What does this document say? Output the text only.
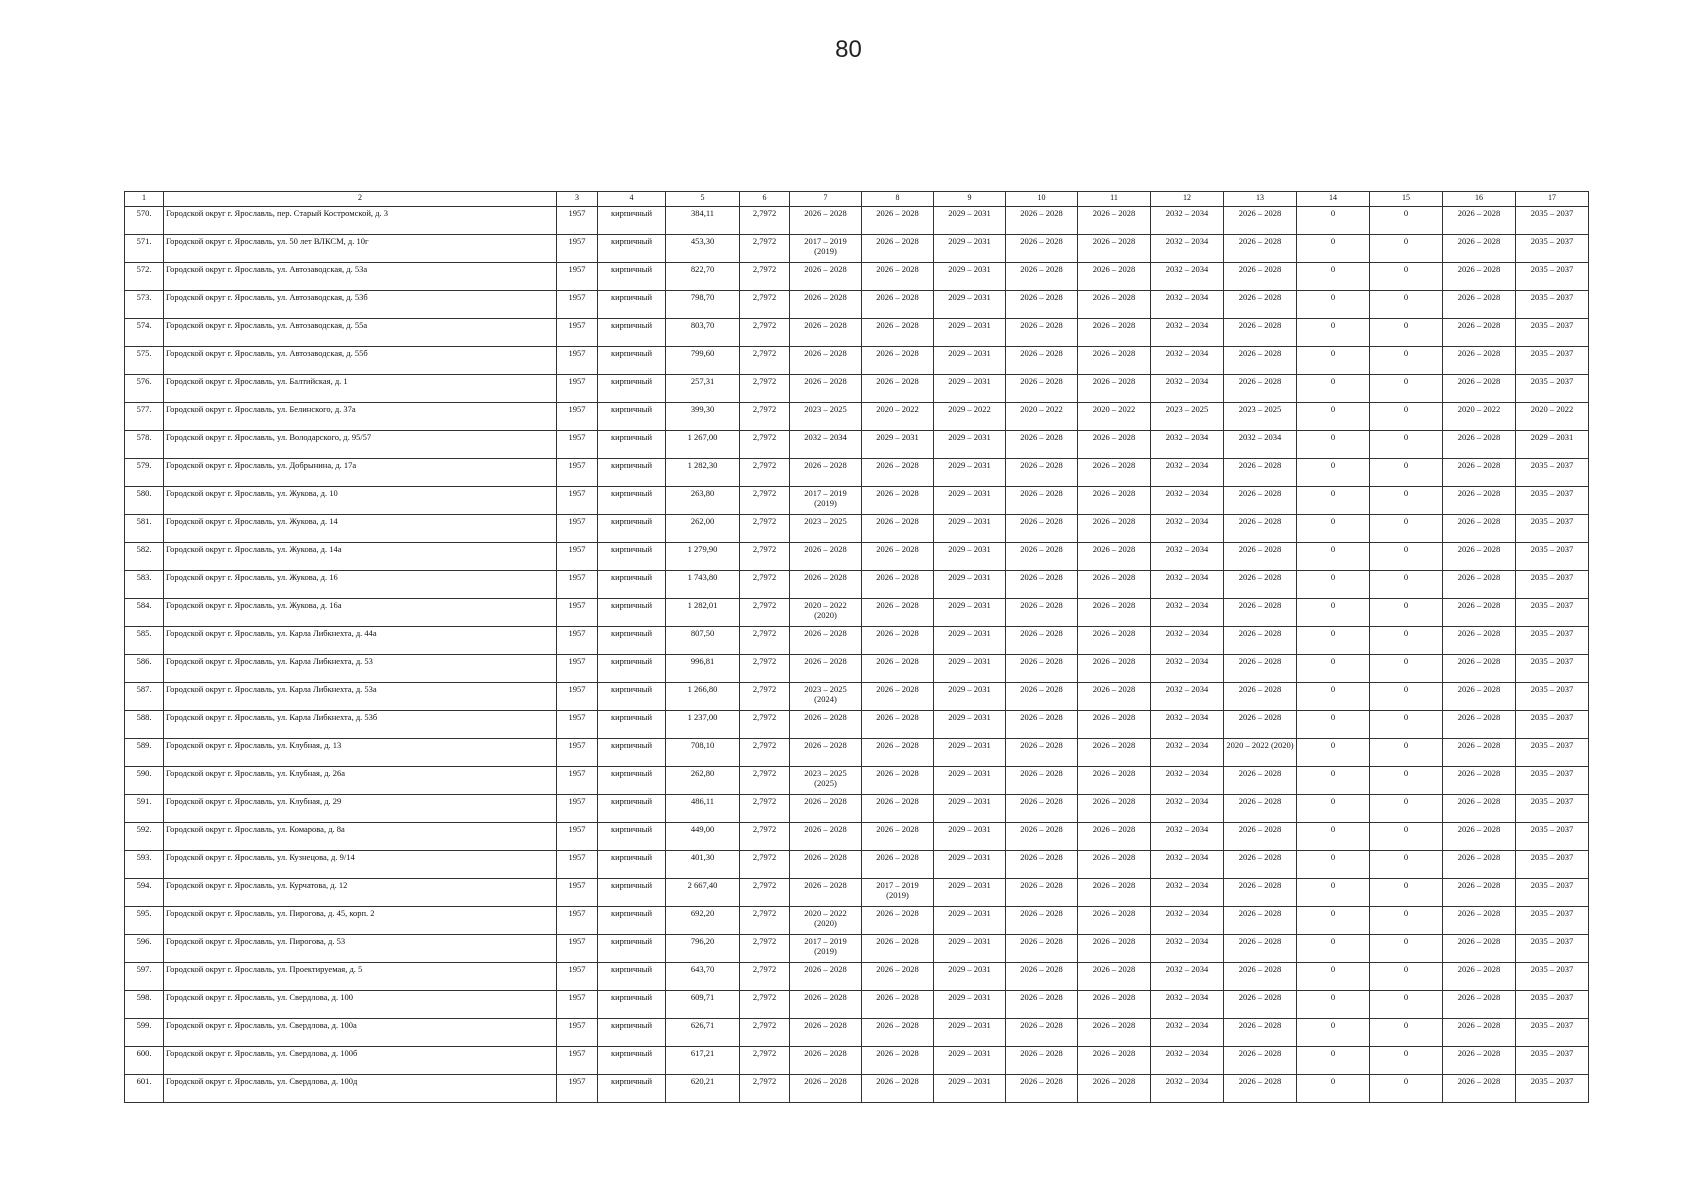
80
1	2	3	4	5	6	7	8	9	10	11	12	13	14	15	16	17
570.	Городской округ г. Ярославль, пер. Старый Костромской, д. 3	1957	кирпичный	384,11	2,7972	2026 – 2028	2026 – 2028	2029 – 2031	2026 – 2028	2026 – 2028	2032 – 2034	2026 – 2028	0	0	2026 – 2028	2035 – 2037
571.	Городской округ г. Ярославль, ул. 50 лет ВЛКСМ, д. 10г	1957	кирпичный	453,30	2,7972	2017 – 2019 (2019)	2026 – 2028	2029 – 2031	2026 – 2028	2026 – 2028	2032 – 2034	2026 – 2028	0	0	2026 – 2028	2035 – 2037
572.	Городской округ г. Ярославль, ул. Автозаводская, д. 53а	1957	кирпичный	822,70	2,7972	2026 – 2028	2026 – 2028	2029 – 2031	2026 – 2028	2026 – 2028	2032 – 2034	2026 – 2028	0	0	2026 – 2028	2035 – 2037
573.	Городской округ г. Ярославль, ул. Автозаводская, д. 53б	1957	кирпичный	798,70	2,7972	2026 – 2028	2026 – 2028	2029 – 2031	2026 – 2028	2026 – 2028	2032 – 2034	2026 – 2028	0	0	2026 – 2028	2035 – 2037
574.	Городской округ г. Ярославль, ул. Автозаводская, д. 55а	1957	кирпичный	803,70	2,7972	2026 – 2028	2026 – 2028	2029 – 2031	2026 – 2028	2026 – 2028	2032 – 2034	2026 – 2028	0	0	2026 – 2028	2035 – 2037
575.	Городской округ г. Ярославль, ул. Автозаводская, д. 55б	1957	кирпичный	799,60	2,7972	2026 – 2028	2026 – 2028	2029 – 2031	2026 – 2028	2026 – 2028	2032 – 2034	2026 – 2028	0	0	2026 – 2028	2035 – 2037
576.	Городской округ г. Ярославль, ул. Балтийская, д. 1	1957	кирпичный	257,31	2,7972	2026 – 2028	2026 – 2028	2029 – 2031	2026 – 2028	2026 – 2028	2032 – 2034	2026 – 2028	0	0	2026 – 2028	2035 – 2037
577.	Городской округ г. Ярославль, ул. Белинского, д. 37а	1957	кирпичный	399,30	2,7972	2023 – 2025	2020 – 2022	2029 – 2022	2020 – 2022	2020 – 2022	2023 – 2025	2023 – 2025	0	0	2020 – 2022	2020 – 2022
578.	Городской округ г. Ярославль, ул. Володарского, д. 95/57	1957	кирпичный	1 267,00	2,7972	2032 – 2034	2029 – 2031	2029 – 2031	2026 – 2028	2026 – 2028	2032 – 2034	2032 – 2034	0	0	2026 – 2028	2029 – 2031
579.	Городской округ г. Ярославль, ул. Добрынина, д. 17а	1957	кирпичный	1 282,30	2,7972	2026 – 2028	2026 – 2028	2029 – 2031	2026 – 2028	2026 – 2028	2032 – 2034	2026 – 2028	0	0	2026 – 2028	2035 – 2037
580.	Городской округ г. Ярославль, ул. Жукова, д. 10	1957	кирпичный	263,80	2,7972	2017 – 2019 (2019)	2026 – 2028	2029 – 2031	2026 – 2028	2026 – 2028	2032 – 2034	2026 – 2028	0	0	2026 – 2028	2035 – 2037
581.	Городской округ г. Ярославль, ул. Жукова, д. 14	1957	кирпичный	262,00	2,7972	2023 – 2025	2026 – 2028	2029 – 2031	2026 – 2028	2026 – 2028	2032 – 2034	2026 – 2028	0	0	2026 – 2028	2035 – 2037
582.	Городской округ г. Ярославль, ул. Жукова, д. 14а	1957	кирпичный	1 279,90	2,7972	2026 – 2028	2026 – 2028	2029 – 2031	2026 – 2028	2026 – 2028	2032 – 2034	2026 – 2028	0	0	2026 – 2028	2035 – 2037
583.	Городской округ г. Ярославль, ул. Жукова, д. 16	1957	кирпичный	1 743,80	2,7972	2026 – 2028	2026 – 2028	2029 – 2031	2026 – 2028	2026 – 2028	2032 – 2034	2026 – 2028	0	0	2026 – 2028	2035 – 2037
584.	Городской округ г. Ярославль, ул. Жукова, д. 16а	1957	кирпичный	1 282,01	2,7972	2020 – 2022 (2020)	2026 – 2028	2029 – 2031	2026 – 2028	2026 – 2028	2032 – 2034	2026 – 2028	0	0	2026 – 2028	2035 – 2037
585.	Городской округ г. Ярославль, ул. Карла Либкнехта, д. 44а	1957	кирпичный	807,50	2,7972	2026 – 2028	2026 – 2028	2029 – 2031	2026 – 2028	2026 – 2028	2032 – 2034	2026 – 2028	0	0	2026 – 2028	2035 – 2037
586.	Городской округ г. Ярославль, ул. Карла Либкнехта, д. 53	1957	кирпичный	996,81	2,7972	2026 – 2028	2026 – 2028	2029 – 2031	2026 – 2028	2026 – 2028	2032 – 2034	2026 – 2028	0	0	2026 – 2028	2035 – 2037
587.	Городской округ г. Ярославль, ул. Карла Либкнехта, д. 53а	1957	кирпичный	1 266,80	2,7972	2023 – 2025 (2024)	2026 – 2028	2029 – 2031	2026 – 2028	2026 – 2028	2032 – 2034	2026 – 2028	0	0	2026 – 2028	2035 – 2037
588.	Городской округ г. Ярославль, ул. Карла Либкнехта, д. 53б	1957	кирпичный	1 237,00	2,7972	2026 – 2028	2026 – 2028	2029 – 2031	2026 – 2028	2026 – 2028	2032 – 2034	2026 – 2028	0	0	2026 – 2028	2035 – 2037
589.	Городской округ г. Ярославль, ул. Клубная, д. 13	1957	кирпичный	708,10	2,7972	2026 – 2028	2026 – 2028	2029 – 2031	2026 – 2028	2026 – 2028	2032 – 2034	2020 – 2022 (2020)	0	0	2026 – 2028	2035 – 2037
590.	Городской округ г. Ярославль, ул. Клубная, д. 26а	1957	кирпичный	262,80	2,7972	2023 – 2025 (2025)	2026 – 2028	2029 – 2031	2026 – 2028	2026 – 2028	2032 – 2034	2026 – 2028	0	0	2026 – 2028	2035 – 2037
591.	Городской округ г. Ярославль, ул. Клубная, д. 29	1957	кирпичный	486,11	2,7972	2026 – 2028	2026 – 2028	2029 – 2031	2026 – 2028	2026 – 2028	2032 – 2034	2026 – 2028	0	0	2026 – 2028	2035 – 2037
592.	Городской округ г. Ярославль, ул. Комарова, д. 8а	1957	кирпичный	449,00	2,7972	2026 – 2028	2026 – 2028	2029 – 2031	2026 – 2028	2026 – 2028	2032 – 2034	2026 – 2028	0	0	2026 – 2028	2035 – 2037
593.	Городской округ г. Ярославль, ул. Кузнецова, д. 9/14	1957	кирпичный	401,30	2,7972	2026 – 2028	2026 – 2028	2029 – 2031	2026 – 2028	2026 – 2028	2032 – 2034	2026 – 2028	0	0	2026 – 2028	2035 – 2037
594.	Городской округ г. Ярославль, ул. Курчатова, д. 12	1957	кирпичный	2 667,40	2,7972	2026 – 2028	2017 – 2019 (2019)	2029 – 2031	2026 – 2028	2026 – 2028	2032 – 2034	2026 – 2028	0	0	2026 – 2028	2035 – 2037
595.	Городской округ г. Ярославль, ул. Пирогова, д. 45, корп. 2	1957	кирпичный	692,20	2,7972	2020 – 2022 (2020)	2026 – 2028	2029 – 2031	2026 – 2028	2026 – 2028	2032 – 2034	2026 – 2028	0	0	2026 – 2028	2035 – 2037
596.	Городской округ г. Ярославль, ул. Пирогова, д. 53	1957	кирпичный	796,20	2,7972	2017 – 2019 (2019)	2026 – 2028	2029 – 2031	2026 – 2028	2026 – 2028	2032 – 2034	2026 – 2028	0	0	2026 – 2028	2035 – 2037
597.	Городской округ г. Ярославль, ул. Проектируемая, д. 5	1957	кирпичный	643,70	2,7972	2026 – 2028	2026 – 2028	2029 – 2031	2026 – 2028	2026 – 2028	2032 – 2034	2026 – 2028	0	0	2026 – 2028	2035 – 2037
598.	Городской округ г. Ярославль, ул. Свердлова, д. 100	1957	кирпичный	609,71	2,7972	2026 – 2028	2026 – 2028	2029 – 2031	2026 – 2028	2026 – 2028	2032 – 2034	2026 – 2028	0	0	2026 – 2028	2035 – 2037
599.	Городской округ г. Ярославль, ул. Свердлова, д. 100а	1957	кирпичный	626,71	2,7972	2026 – 2028	2026 – 2028	2029 – 2031	2026 – 2028	2026 – 2028	2032 – 2034	2026 – 2028	0	0	2026 – 2028	2035 – 2037
600.	Городской округ г. Ярославль, ул. Свердлова, д. 100б	1957	кирпичный	617,21	2,7972	2026 – 2028	2026 – 2028	2029 – 2031	2026 – 2028	2026 – 2028	2032 – 2034	2026 – 2028	0	0	2026 – 2028	2035 – 2037
601.	Городской округ г. Ярославль, ул. Свердлова, д. 100д	1957	кирпичный	620,21	2,7972	2026 – 2028	2026 – 2028	2029 – 2031	2026 – 2028	2026 – 2028	2032 – 2034	2026 – 2028	0	0	2026 – 2028	2035 – 2037
